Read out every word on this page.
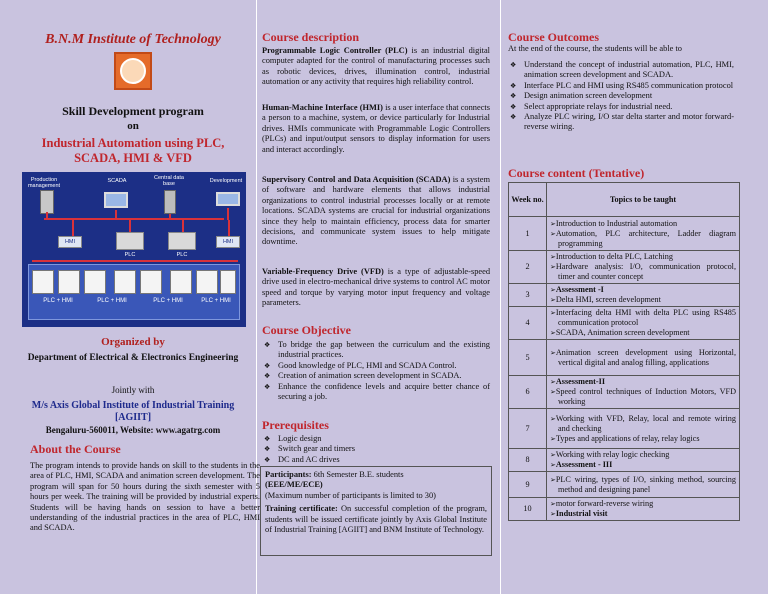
B.N.M Institute of Technology
Skill Development program
on
Industrial Automation using PLC,
SCADA, HMI & VFD
Production management
SCADA	Central data base	Development
HMI
PLC	PLC
HMI
PLC + HMI	PLC + HMI	PLC + HMI	PLC + HMI
Organized by
Department of Electrical & Electronics Engineering
Jointly with
M/s Axis Global Institute of Industrial Training [AGIIT]
Bengaluru-560011, Website: www.agatrg.com
About the Course
The program intends to provide hands on skill to the students in the area of PLC, HMI, SCADA and animation screen development. The program will span for 50 hours during the sixth semester with 5 hours per week. The training will be provided by industrial experts. Students will be having hands on session to have a better understanding of the industrial practices in the area of PLC, HMI and SCADA.
Course description
Programmable Logic Controller (PLC) is an industrial digital computer adapted for the control of manufacturing processes such as robotic devices, drives, illumination control, industrial automation or any activity that requires high reliability control.
Human-Machine Interface (HMI) is a user interface that connects a person to a machine, system, or device particularly for Industrial drives. HMIs communicate with Programmable Logic Controllers (PLCs) and input/output sensors to display information for users and interact accordingly.
Supervisory Control and Data Acquisition (SCADA) is a system of software and hardware elements that allows industrial organizations to control industrial processes locally or at remote locations. SCADA systems are crucial for industrial organizations since they help to maintain efficiency, process data for smarter decisions, and communicate system issues to help mitigate downtime.
Variable-Frequency Drive (VFD) is a type of adjustable-speed drive used in electro-mechanical drive systems to control AC motor speed and torque by varying motor input frequency and voltage parameters.
Course Objective
❖ To bridge the gap between the curriculum and the existing industrial practices.
❖ Good knowledge of PLC, HMI and SCADA Control.
❖ Creation of animation screen development in SCADA.
❖ Enhance the confidence levels and acquire better chance of securing a job.
Prerequisites
❖ Logic design
❖ Switch gear and timers
❖ DC and AC drives
Participants: 6th Semester B.E. students
(EEE/ME/ECE)
(Maximum number of participants is limited to 30)
Training certificate: On successful completion of the program, students will be issued certificate jointly by Axis Global Institute of Industrial Training [AGIIT] and BNM Institute of Technology.
Course Outcomes
At the end of the course, the students will be able to
❖ Understand the concept of industrial automation, PLC, HMI, animation screen development and SCADA.
❖ Interface PLC and HMI using RS485 communication protocol
❖ Design animation screen development
❖ Select appropriate relays for industrial need.
❖ Analyze PLC wiring, I/O star delta starter and motor forward-reverse wiring.
Course content (Tentative)
Week no.	Topics to be taught
1	➢Introduction to Industrial automation
➢Automation, PLC architecture, Ladder diagram programming

2	➢Introduction to delta PLC, Latching
➢Hardware analysis: I/O, communication protocol, timer and counter concept

3	➢Assessment -I
➢Delta HMI, screen development

4	➢Interfacing delta HMI with delta PLC using RS485 communication protocol
➢SCADA, Animation screen development

5	➢Animation screen development using Horizontal, vertical digital and analog filling, applications

6	➢Assessment-II
➢Speed control techniques of Induction Motors, VFD working

7	➢Working with VFD, Relay, local and remote wiring and checking
➢Types and applications of relay, relay logics

8	➢Working with relay logic checking
➢Assessment - III

9	➢PLC wiring, types of I/O, sinking method, sourcing method and designing panel

10	➢motor forward-reverse wiring
➢Industrial visit
